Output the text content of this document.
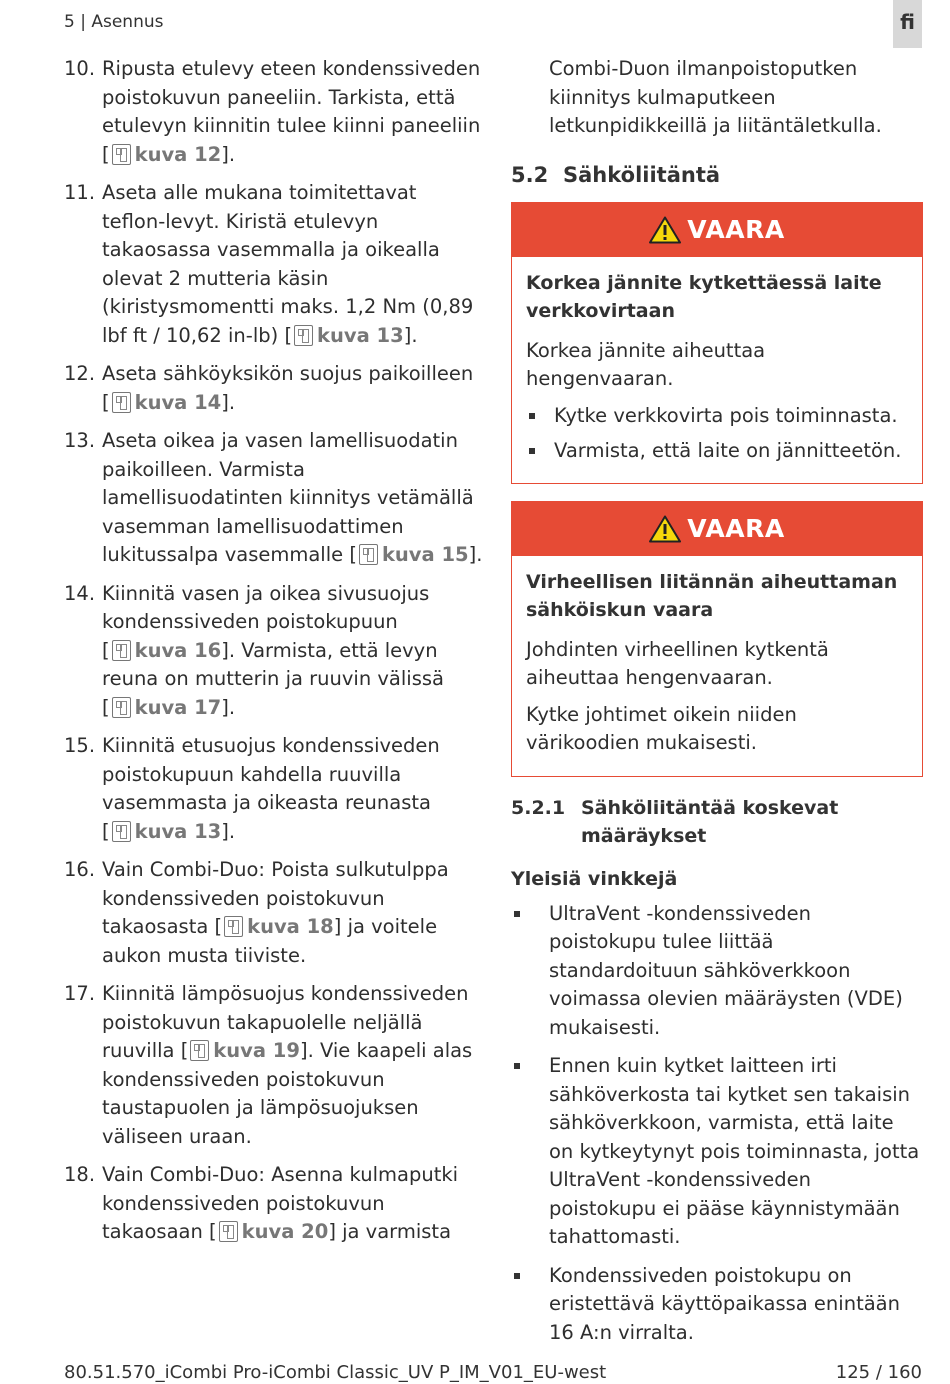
5 | Asennus	fi
10. Ripusta etulevy eteen kondenssiveden poistokuvun paneeliin. Tarkista, että etulevyn kiinnitin tulee kiinni paneeliin [ kuva 12].
11. Aseta alle mukana toimitettavat teflon-levyt. Kiristä etulevyn takaosassa vasemmalla ja oikealla olevat 2 mutteria käsin (kiristysmomentti maks. 1,2 Nm (0,89 lbf ft / 10,62 in-lb) [ kuva 13].
12. Aseta sähköyksikön suojus paikoilleen [ kuva 14].
13. Aseta oikea ja vasen lamellisuodatin paikoilleen. Varmista lamellisuodatinten kiinnitys vetämällä vasemman lamellisuodattimen lukitussalpa vasemmalle [ kuva 15].
14. Kiinnitä vasen ja oikea sivusuojus kondenssiveden poistokupuun [ kuva 16]. Varmista, että levyn reuna on mutterin ja ruuvin välissä [ kuva 17].
15. Kiinnitä etusuojus kondenssiveden poistokupuun kahdella ruuvilla vasemmasta ja oikeasta reunasta [ kuva 13].
16. Vain Combi-Duo: Poista sulkutulppa kondenssiveden poistokuvun takaosasta [ kuva 18] ja voitele aukon musta tiiviste.
17. Kiinnitä lämpösuojus kondenssiveden poistokuvun takapuolelle neljällä ruuvilla [ kuva 19]. Vie kaapeli alas kondenssiveden poistokuvun taustapuolen ja lämpösuojuksen väliseen uraan.
18. Vain Combi-Duo: Asenna kulmaputki kondenssiveden poistokuvun takaosaan [ kuva 20] ja varmista

Combi-Duon ilmanpoistoputken kiinnitys kulmaputkeen letkunpidikkeillä ja liitäntäletkulla.

5.2 Sähköliitäntä
VAARA
Korkea jännite kytkettäessä laite verkkovirtaan
Korkea jännite aiheuttaa hengenvaaran.
Kytke verkkovirta pois toiminnasta.
Varmista, että laite on jännitteetön.
VAARA
Virheellisen liitännän aiheuttaman sähköiskun vaara
Johdinten virheellinen kytkentä aiheuttaa hengenvaaran.
Kytke johtimet oikein niiden värikoodien mukaisesti.
5.2.1 Sähköliitäntää koskevat määräykset
Yleisiä vinkkejä
UltraVent -kondenssiveden poistokupu tulee liittää standardoituun sähköverkkoon voimassa olevien määräysten (VDE) mukaisesti.
Ennen kuin kytket laitteen irti sähköverkosta tai kytket sen takaisin sähköverkkoon, varmista, että laite on kytkeytynyt pois toiminnasta, jotta UltraVent -kondenssiveden poistokupu ei pääse käynnistymään tahattomasti.
Kondenssiveden poistokupu on eristettävä käyttöpaikassa enintään 16 A:n virralta.
80.51.570_iCombi Pro-iCombi Classic_UV P_IM_V01_EU-west	125 / 160
